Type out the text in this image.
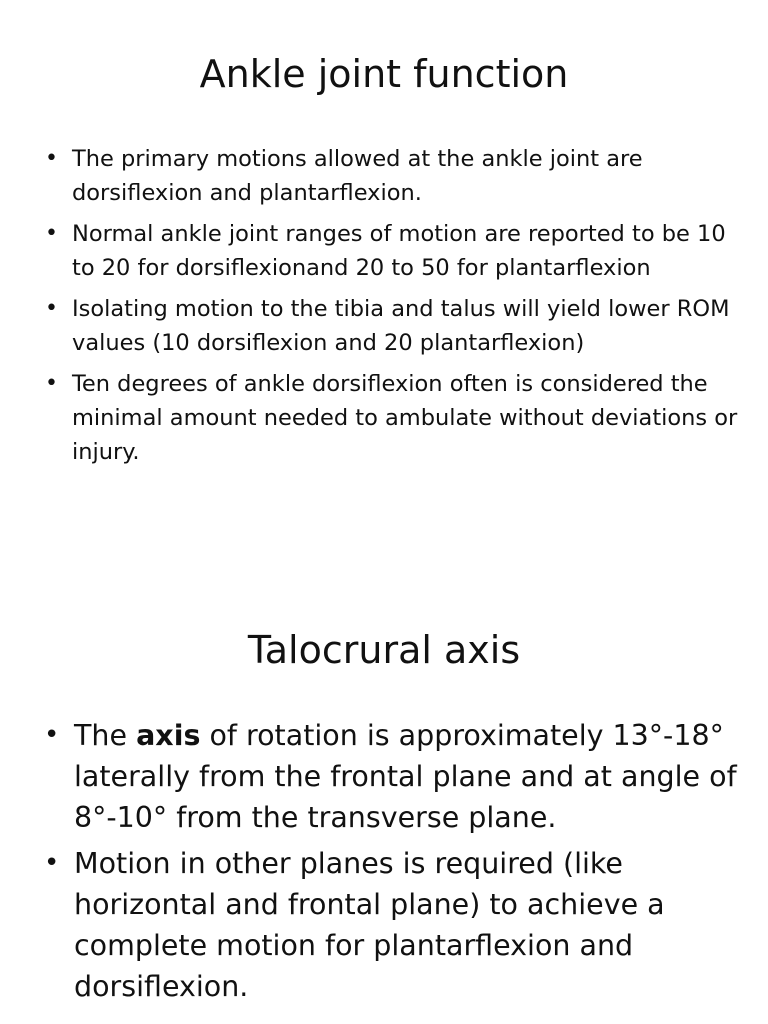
Ankle joint function
• The primary motions allowed at the ankle joint are dorsiflexion and plantarflexion.
• Normal ankle joint ranges of motion are reported to be 10 to 20 for dorsiflexionand 20 to 50 for plantarflexion
• Isolating motion to the tibia and talus will yield lower ROM values (10 dorsiflexion and 20 plantarflexion)
• Ten degrees of ankle dorsiflexion often is considered the minimal amount needed to ambulate without deviations or injury.
Talocrural axis
• The axis of rotation is approximately 13°-18° laterally from the frontal plane and at angle of 8°-10° from the transverse plane.
• Motion in other planes is required (like horizontal and frontal plane) to achieve a complete motion for plantarflexion and dorsiflexion.
